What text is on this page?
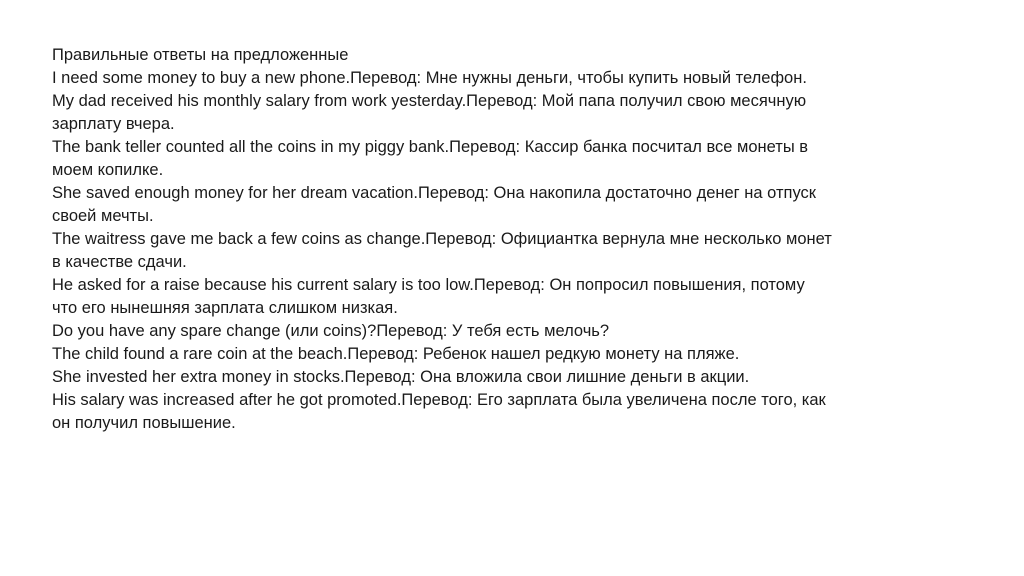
Правильные ответы на предложенные

I need some money to buy a new phone.Перевод: Мне нужны деньги, чтобы купить новый телефон.

My dad received his monthly salary from work yesterday.Перевод: Мой папа получил свою месячную зарплату вчера.

The bank teller counted all the coins in my piggy bank.Перевод: Кассир банка посчитал все монеты в моем копилке.

She saved enough money for her dream vacation.Перевод: Она накопила достаточно денег на отпуск своей мечты.

The waitress gave me back a few coins as change.Перевод: Официантка вернула мне несколько монет в качестве сдачи.

He asked for a raise because his current salary is too low.Перевод: Он попросил повышения, потому что его нынешняя зарплата слишком низкая.

Do you have any spare change (или coins)?Перевод: У тебя есть мелочь?

The child found a rare coin at the beach.Перевод: Ребенок нашел редкую монету на пляже.

She invested her extra money in stocks.Перевод: Она вложила свои лишние деньги в акции.

His salary was increased after he got promoted.Перевод: Его зарплата была увеличена после того, как он получил повышение.
